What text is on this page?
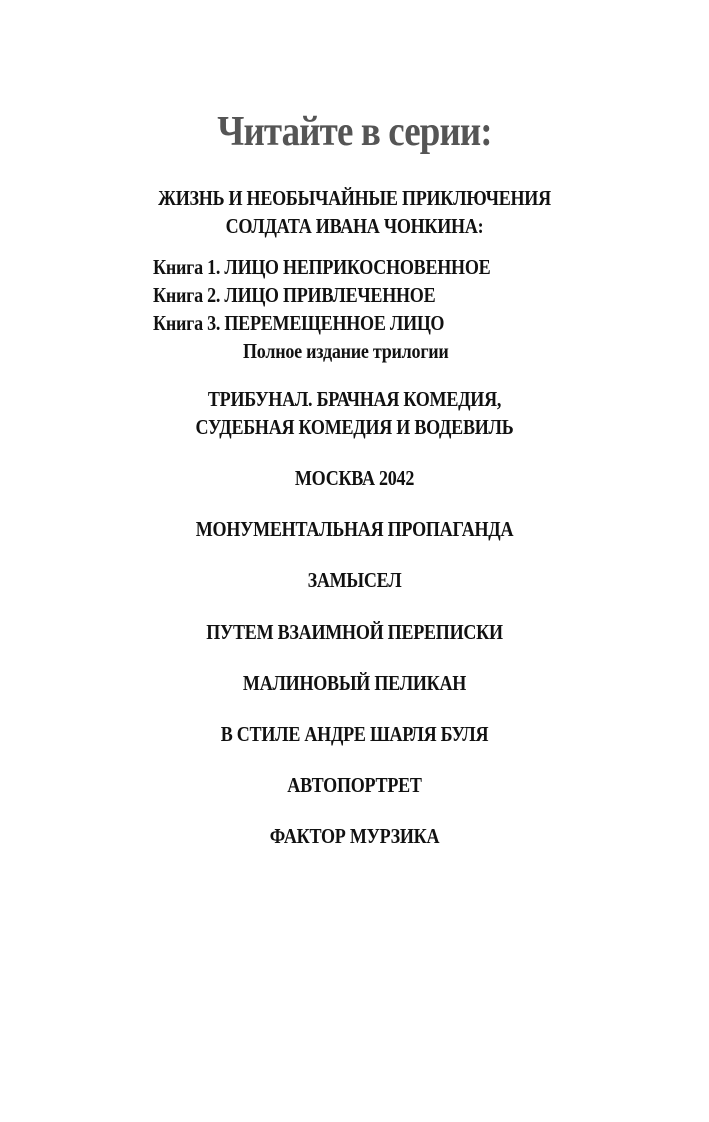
Читайте в серии:
ЖИЗНЬ И НЕОБЫЧАЙНЫЕ ПРИКЛЮЧЕНИЯ
СОЛДАТА ИВАНА ЧОНКИНА:
Книга 1. ЛИЦО НЕПРИКОСНОВЕННОЕ
Книга 2. ЛИЦО ПРИВЛЕЧЕННОЕ
Книга 3. ПЕРЕМЕЩЕННОЕ ЛИЦО
Полное издание трилогии
ТРИБУНАЛ. БРАЧНАЯ КОМЕДИЯ,
СУДЕБНАЯ КОМЕДИЯ И ВОДЕВИЛЬ
МОСКВА 2042
МОНУМЕНТАЛЬНАЯ ПРОПАГАНДА
ЗАМЫСЕЛ
ПУТЕМ ВЗАИМНОЙ ПЕРЕПИСКИ
МАЛИНОВЫЙ ПЕЛИКАН
В СТИЛЕ АНДРЕ ШАРЛЯ БУЛЯ
АВТОПОРТРЕТ
ФАКТОР МУРЗИКА
